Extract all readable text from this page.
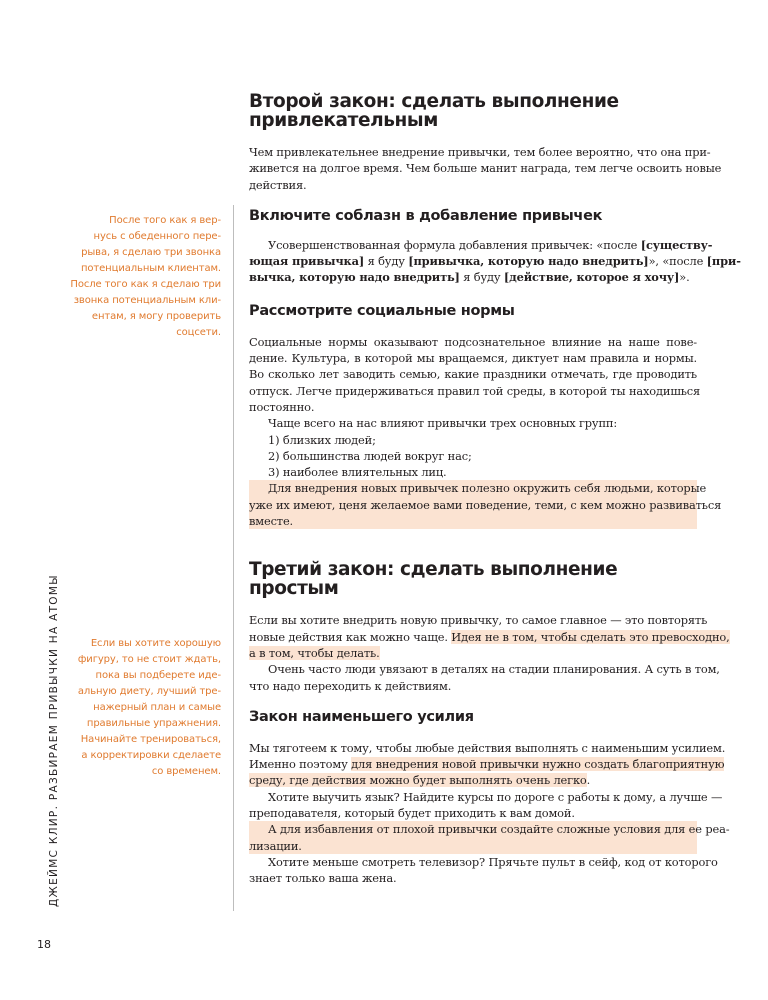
После того как я вер-
нусь с обеденного пере-
рыва, я сделаю три звонка
потенциальным клиентам.
После того как я сделаю три
звонка потенциальным кли-
ентам, я могу проверить
соцсети.
Если вы хотите хорошую
фигуру, то не стоит ждать,
пока вы подберете иде-
альную диету, лучший тре-
нажерный план и самые
правильные упражнения.
Начинайте тренироваться,
а корректировки сделаете
со временем.
ДЖЕЙМС КЛИР. РАЗБИРАЕМ ПРИВЫЧКИ НА АТОМЫ
18
Второй закон: сделать выполнение
привлекательным
Чем привлекательнее внедрение привычки, тем более вероятно, что она при-
живется на долгое время. Чем больше манит награда, тем легче освоить новые
действия.
Включите соблазн в добавление привычек
Усовершенствованная формула добавления привычек: «после [существу-
ющая привычка] я буду [привычка, которую надо внедрить]», «после [при-
вычка, которую надо внедрить] я буду [действие, которое я хочу]».
Рассмотрите социальные нормы
Социальные нормы оказывают подсознательное влияние на наше пове-
дение. Культура, в которой мы вращаемся, диктует нам правила и нормы.
Во сколько лет заводить семью, какие праздники отмечать, где проводить
отпуск. Легче придерживаться правил той среды, в которой ты находишься
постоянно.
Чаще всего на нас влияют привычки трех основных групп:
1) близких людей;
2) большинства людей вокруг нас;
3) наиболее влиятельных лиц.
Для внедрения новых привычек полезно окружить себя людьми, которые
уже их имеют, ценя желаемое вами поведение, теми, с кем можно развиваться
вместе.
Третий закон: сделать выполнение простым
Если вы хотите внедрить новую привычку, то самое главное — это повторять
новые действия как можно чаще. Идея не в том, чтобы сделать это превосходно,
а в том, чтобы делать.
Очень часто люди увязают в деталях на стадии планирования. А суть в том,
что надо переходить к действиям.
Закон наименьшего усилия
Мы тяготеем к тому, чтобы любые действия выполнять с наименьшим усилием.
Именно поэтому для внедрения новой привычки нужно создать благоприятную
среду, где действия можно будет выполнять очень легко.
Хотите выучить язык? Найдите курсы по дороге с работы к дому, а лучше —
преподавателя, который будет приходить к вам домой.
А для избавления от плохой привычки создайте сложные условия для ее реа-
лизации.
Хотите меньше смотреть телевизор? Прячьте пульт в сейф, код от которого
знает только ваша жена.
